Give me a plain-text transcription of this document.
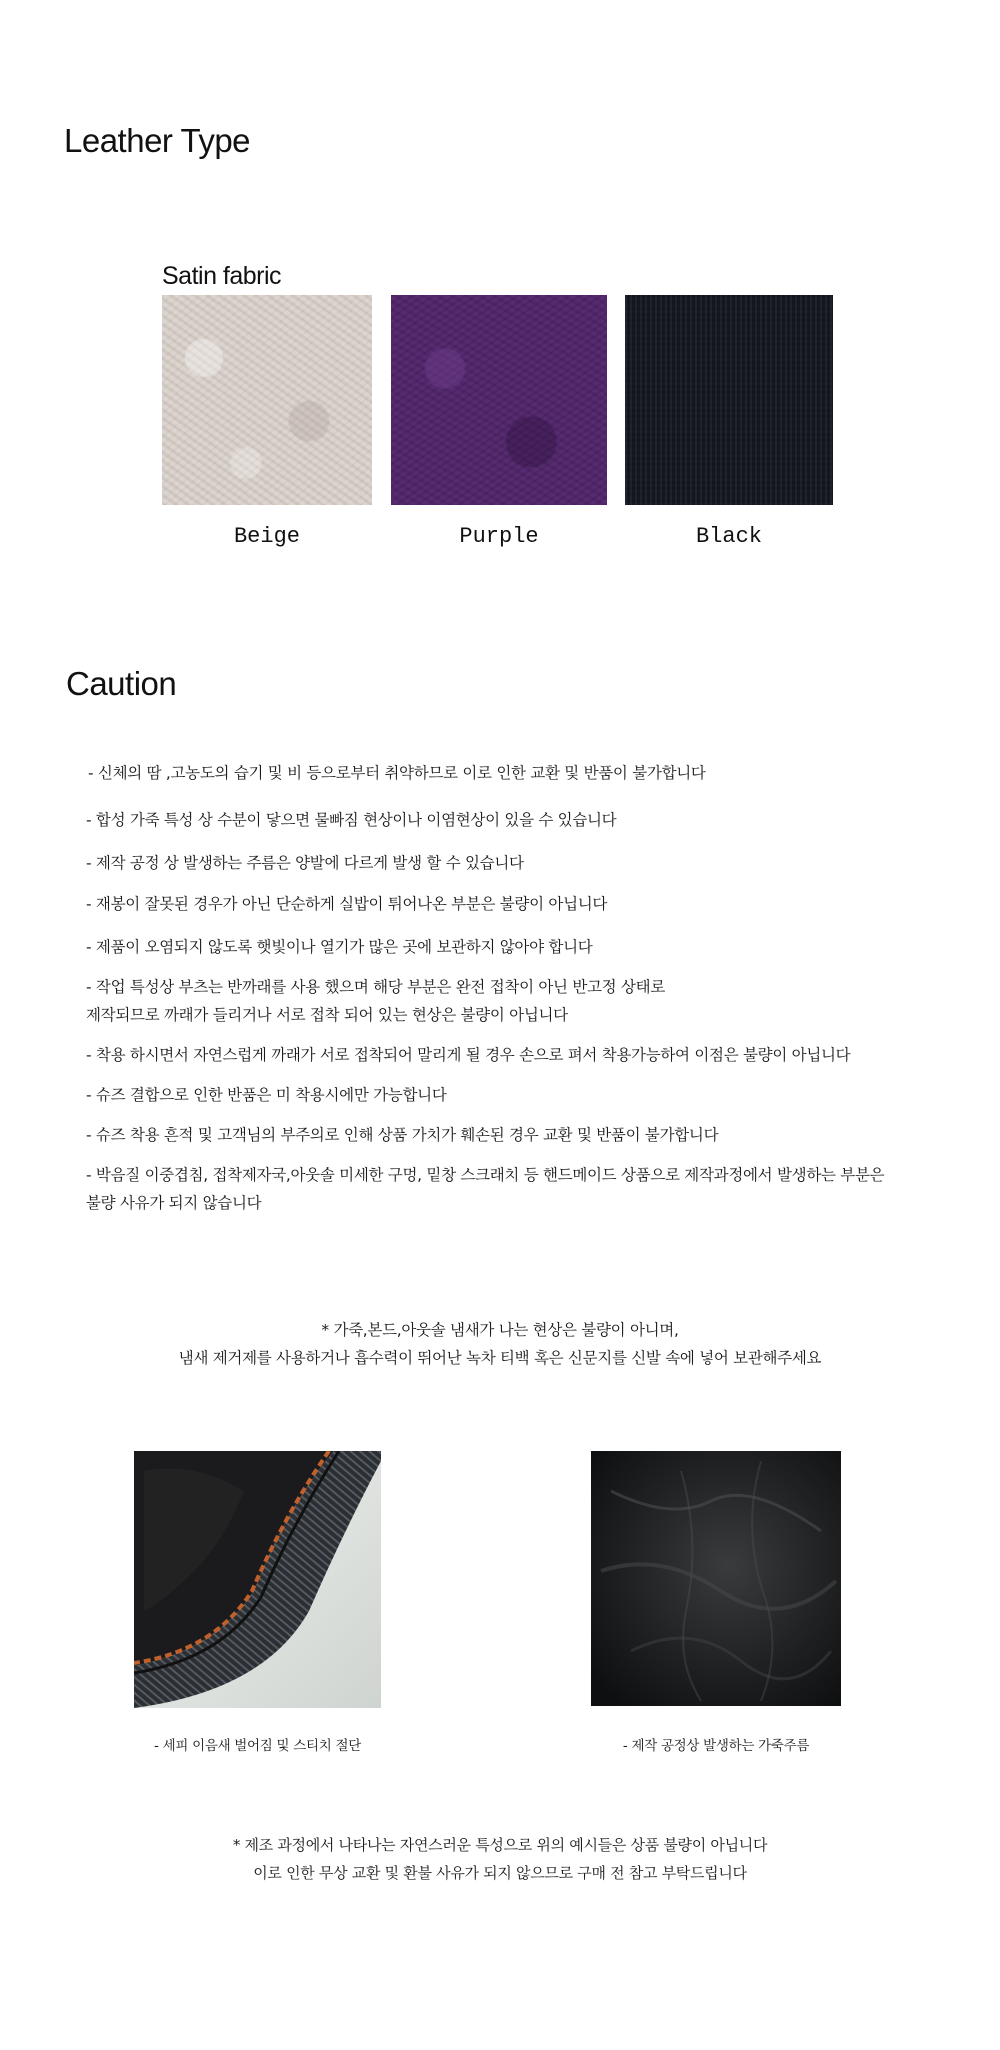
Leather Type
Satin fabric
Beige	Purple	Black
Caution
- 신체의 땀 ,고농도의 습기 및 비 등으로부터 취약하므로 이로 인한 교환 및 반품이 불가합니다
- 합성 가죽 특성 상 수분이 닿으면 물빠짐 현상이나 이염현상이 있을 수 있습니다
- 제작 공정 상 발생하는 주름은 양발에 다르게 발생 할 수 있습니다
- 재봉이 잘못된 경우가 아닌 단순하게 실밥이 튀어나온 부분은 불량이 아닙니다
- 제품이 오염되지 않도록 햇빛이나 열기가 많은 곳에 보관하지 않아야 합니다
- 작업 특성상 부츠는 반까래를 사용 했으며 해당 부분은 완전 접착이 아닌 반고정 상태로
제작되므로 까래가 들리거나 서로 접착 되어 있는 현상은 불량이 아닙니다
- 착용 하시면서 자연스럽게 까래가 서로 접착되어 말리게 될 경우 손으로 펴서 착용가능하여 이점은 불량이 아닙니다
- 슈즈 결합으로 인한 반품은 미 착용시에만 가능합니다
- 슈즈 착용 흔적 및 고객님의 부주의로 인해 상품 가치가 훼손된 경우 교환 및 반품이 불가합니다
- 박음질 이중겹침, 접착제자국,아웃솔 미세한 구멍, 밑창 스크래치 등 핸드메이드 상품으로 제작과정에서 발생하는 부분은
불량 사유가 되지 않습니다
* 가죽,본드,아웃솔 냄새가 나는 현상은 불량이 아니며,
냄새 제거제를 사용하거나 흡수력이 뛰어난 녹차 티백 혹은 신문지를 신발 속에 넣어 보관해주세요
- 세피 이음새 벌어짐 및 스티치 절단	- 제작 공정상 발생하는 가죽주름
* 제조 과정에서 나타나는 자연스러운 특성으로 위의 예시들은 상품 불량이 아닙니다
이로 인한 무상 교환 및 환불 사유가 되지 않으므로 구매 전 참고 부탁드립니다
